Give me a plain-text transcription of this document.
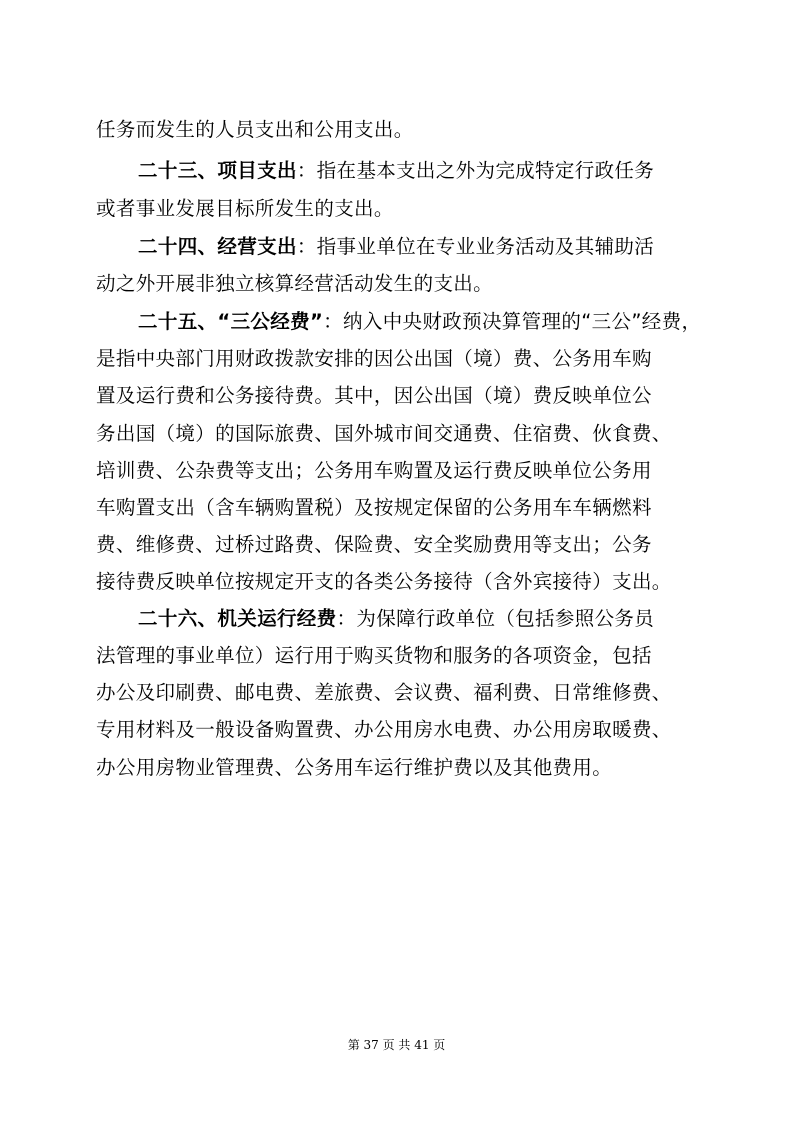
任务而发生的人员支出和公用支出。
二十三、项目支出：指在基本支出之外为完成特定行政任务
或者事业发展目标所发生的支出。
二十四、经营支出：指事业单位在专业业务活动及其辅助活
动之外开展非独立核算经营活动发生的支出。
二十五、“三公经费”：纳入中央财政预决算管理的“三公”经费，
是指中央部门用财政拨款安排的因公出国（境）费、公务用车购
置及运行费和公务接待费。其中，因公出国（境）费反映单位公
务出国（境）的国际旅费、国外城市间交通费、住宿费、伙食费、
培训费、公杂费等支出；公务用车购置及运行费反映单位公务用
车购置支出（含车辆购置税）及按规定保留的公务用车车辆燃料
费、维修费、过桥过路费、保险费、安全奖励费用等支出；公务
接待费反映单位按规定开支的各类公务接待（含外宾接待）支出。
二十六、机关运行经费：为保障行政单位（包括参照公务员
法管理的事业单位）运行用于购买货物和服务的各项资金，包括
办公及印刷费、邮电费、差旅费、会议费、福利费、日常维修费、
专用材料及一般设备购置费、办公用房水电费、办公用房取暖费、
办公用房物业管理费、公务用车运行维护费以及其他费用。
第 37 页 共 41 页
